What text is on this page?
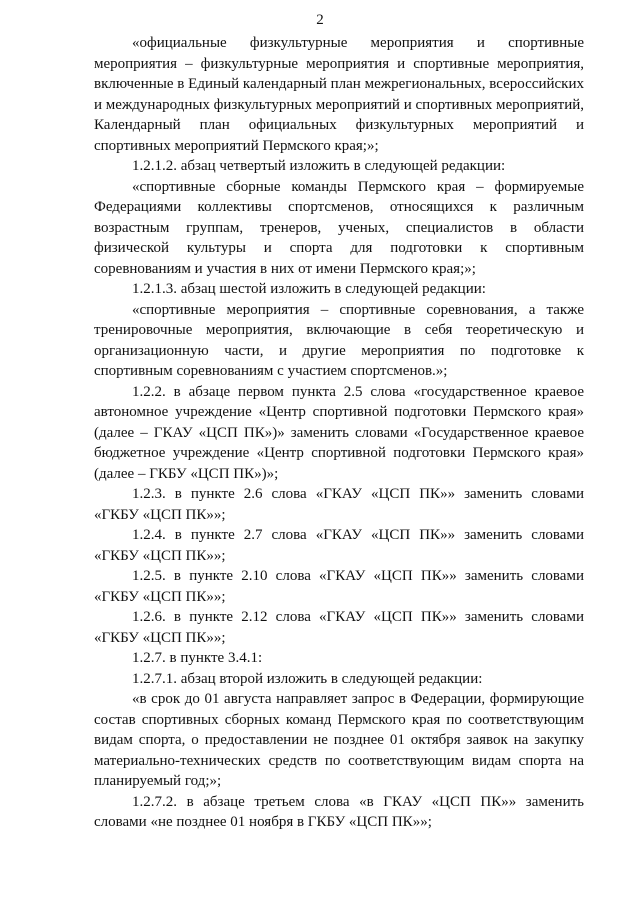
2

«официальные физкультурные мероприятия и спортивные мероприятия – физкультурные мероприятия и спортивные мероприятия, включенные в Единый календарный план межрегиональных, всероссийских и международных физкультурных мероприятий и спортивных мероприятий, Календарный план официальных физкультурных мероприятий и спортивных мероприятий Пермского края;»;

1.2.1.2. абзац четвертый изложить в следующей редакции:

«спортивные сборные команды Пермского края – формируемые Федерациями коллективы спортсменов, относящихся к различным возрастным группам, тренеров, ученых, специалистов в области физической культуры и спорта для подготовки к спортивным соревнованиям и участия в них от имени Пермского края;»;

1.2.1.3. абзац шестой изложить в следующей редакции:

«спортивные мероприятия – спортивные соревнования, а также тренировочные мероприятия, включающие в себя теоретическую и организационную части, и другие мероприятия по подготовке к спортивным соревнованиям с участием спортсменов.»;

1.2.2. в абзаце первом пункта 2.5 слова «государственное краевое автономное учреждение «Центр спортивной подготовки Пермского края» (далее – ГКАУ «ЦСП ПК»)» заменить словами «Государственное краевое бюджетное учреждение «Центр спортивной подготовки Пермского края» (далее – ГКБУ «ЦСП ПК»)»;

1.2.3. в пункте 2.6 слова «ГКАУ «ЦСП ПК»» заменить словами «ГКБУ «ЦСП ПК»»;

1.2.4. в пункте 2.7 слова «ГКАУ «ЦСП ПК»» заменить словами «ГКБУ «ЦСП ПК»»;

1.2.5. в пункте 2.10 слова «ГКАУ «ЦСП ПК»» заменить словами «ГКБУ «ЦСП ПК»»;

1.2.6. в пункте 2.12 слова «ГКАУ «ЦСП ПК»» заменить словами «ГКБУ «ЦСП ПК»»;

1.2.7. в пункте 3.4.1:

1.2.7.1. абзац второй изложить в следующей редакции:

«в срок до 01 августа направляет запрос в Федерации, формирующие состав спортивных сборных команд Пермского края по соответствующим видам спорта, о предоставлении не позднее 01 октября заявок на закупку материально-технических средств по соответствующим видам спорта на планируемый год;»;

1.2.7.2. в абзаце третьем слова «в ГКАУ «ЦСП ПК»» заменить словами «не позднее 01 ноября в ГКБУ «ЦСП ПК»»;
